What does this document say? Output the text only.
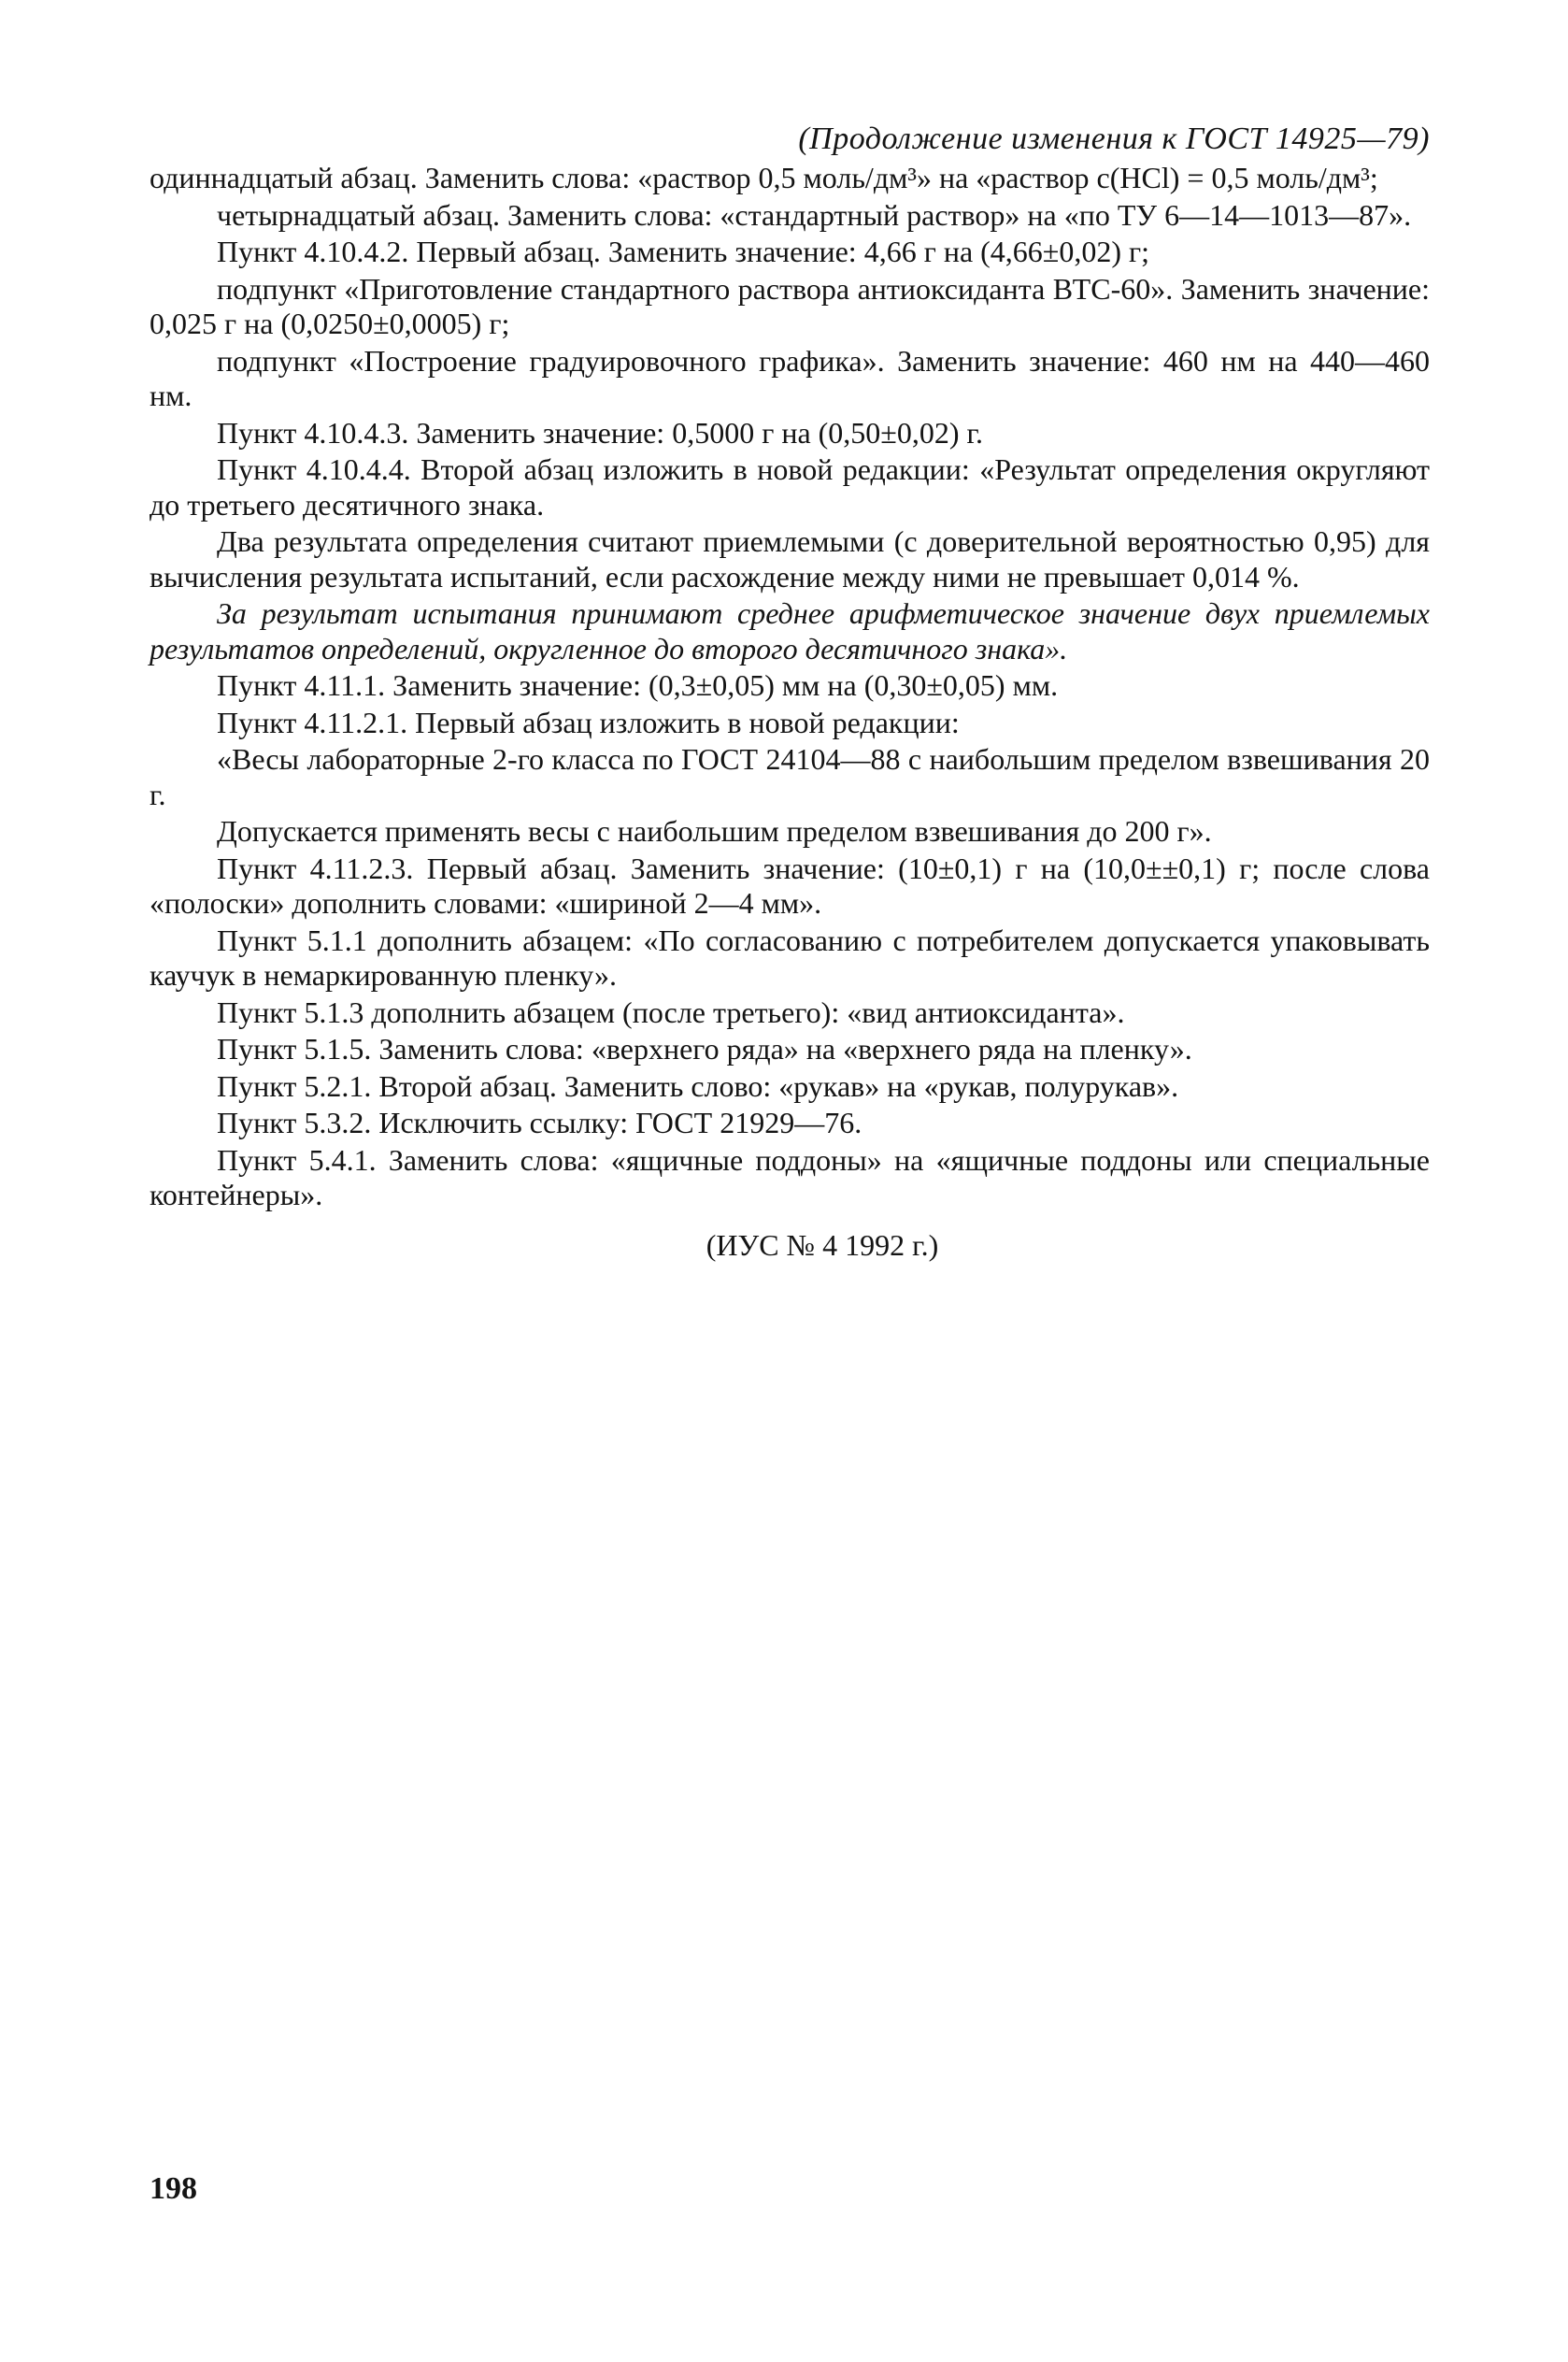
(Продолжение изменения к ГОСТ 14925—79)
одиннадцатый абзац. Заменить слова: «раствор 0,5 моль/дм³» на «раствор с(HCl) = 0,5 моль/дм³;
четырнадцатый абзац. Заменить слова: «стандартный раствор» на «по ТУ 6—14—1013—87».
Пункт 4.10.4.2. Первый абзац. Заменить значение: 4,66 г на (4,66±0,02) г;
подпункт «Приготовление стандартного раствора антиоксиданта ВТС-60». Заменить значение: 0,025 г на (0,0250±0,0005) г;
подпункт «Построение градуировочного графика». Заменить значение: 460 нм на 440—460 нм.
Пункт 4.10.4.3. Заменить значение: 0,5000 г на (0,50±0,02) г.
Пункт 4.10.4.4. Второй абзац изложить в новой редакции: «Результат определения округляют до третьего десятичного знака.
Два результата определения считают приемлемыми (с доверительной вероятностью 0,95) для вычисления результата испытаний, если расхождение между ними не превышает 0,014 %.
За результат испытания принимают среднее арифметическое значение двух приемлемых результатов определений, округленное до второго десятичного знака».
Пункт 4.11.1. Заменить значение: (0,3±0,05) мм на (0,30±0,05) мм.
Пункт 4.11.2.1. Первый абзац изложить в новой редакции:
«Весы лабораторные 2-го класса по ГОСТ 24104—88 с наибольшим пределом взвешивания 20 г.
Допускается применять весы с наибольшим пределом взвешивания до 200 г».
Пункт 4.11.2.3. Первый абзац. Заменить значение: (10±0,1) г на (10,0±±0,1) г; после слова «полоски» дополнить словами: «шириной 2—4 мм».
Пункт 5.1.1 дополнить абзацем: «По согласованию с потребителем допускается упаковывать каучук в немаркированную пленку».
Пункт 5.1.3 дополнить абзацем (после третьего): «вид антиоксиданта».
Пункт 5.1.5. Заменить слова: «верхнего ряда» на «верхнего ряда на пленку».
Пункт 5.2.1. Второй абзац. Заменить слово: «рукав» на «рукав, полурукав».
Пункт 5.3.2. Исключить ссылку: ГОСТ 21929—76.
Пункт 5.4.1. Заменить слова: «ящичные поддоны» на «ящичные поддоны или специальные контейнеры».
(ИУС № 4 1992 г.)
198
